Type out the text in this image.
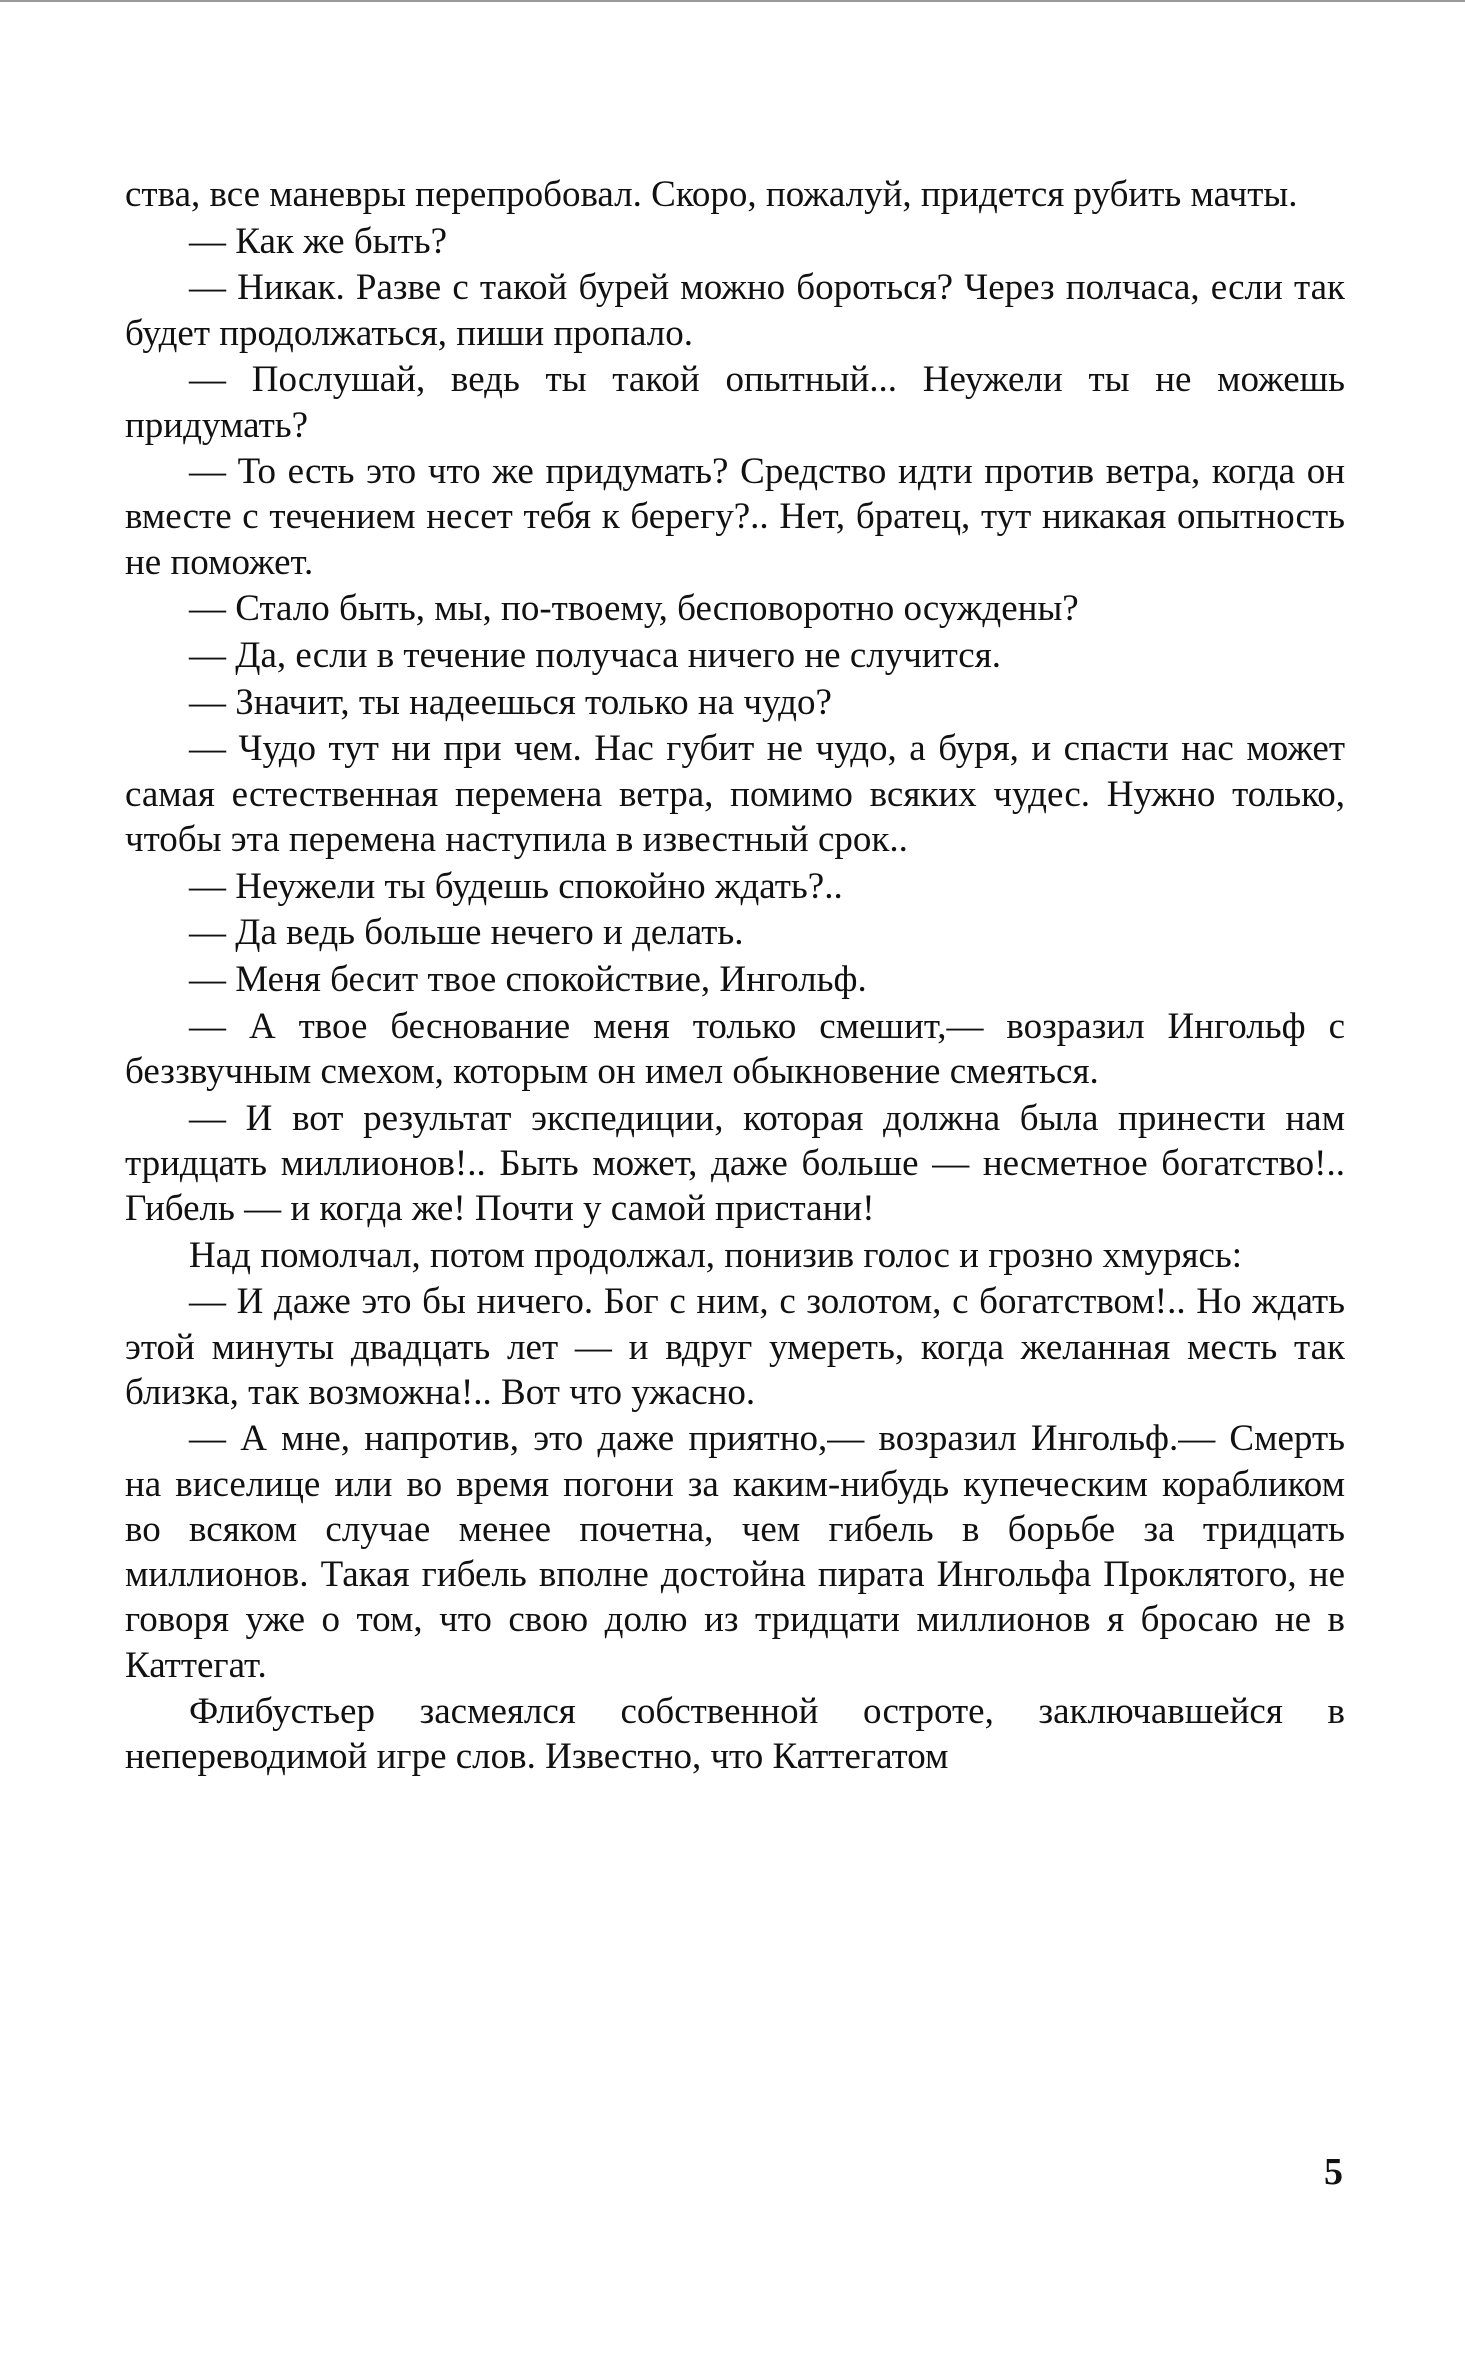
ства, все маневры перепробовал. Скоро, пожалуй, придется рубить мачты.

— Как же быть?

— Никак. Разве с такой бурей можно бороться? Через полчаса, если так будет продолжаться, пиши пропало.

— Послушай, ведь ты такой опытный... Неужели ты не можешь придумать?

— То есть это что же придумать? Средство идти против ветра, когда он вместе с течением несет тебя к берегу?.. Нет, братец, тут никакая опытность не поможет.

— Стало быть, мы, по-твоему, бесповоротно осуждены?

— Да, если в течение получаса ничего не случится.

— Значит, ты надеешься только на чудо?

— Чудо тут ни при чем. Нас губит не чудо, а буря, и спасти нас может самая естественная перемена ветра, помимо всяких чудес. Нужно только, чтобы эта перемена наступила в известный срок..

— Неужели ты будешь спокойно ждать?..

— Да ведь больше нечего и делать.

— Меня бесит твое спокойствие, Ингольф.

— А твое беснование меня только смешит,— возразил Ингольф с беззвучным смехом, которым он имел обыкновение смеяться.

— И вот результат экспедиции, которая должна была принести нам тридцать миллионов!.. Быть может, даже больше — несметное богатство!.. Гибель — и когда же! Почти у самой пристани!

Над помолчал, потом продолжал, понизив голос и грозно хмурясь:

— И даже это бы ничего. Бог с ним, с золотом, с богатством!.. Но ждать этой минуты двадцать лет — и вдруг умереть, когда желанная месть так близка, так возможна!.. Вот что ужасно.

— А мне, напротив, это даже приятно,— возразил Ингольф.— Смерть на виселице или во время погони за каким-нибудь купеческим корабликом во всяком случае менее почетна, чем гибель в борьбе за тридцать миллионов. Такая гибель вполне достойна пирата Ингольфа Проклятого, не говоря уже о том, что свою долю из тридцати миллионов я бросаю не в Каттегат.

Флибустьер засмеялся собственной остроте, заключавшейся в непереводимой игре слов. Известно, что Каттегатом

5
